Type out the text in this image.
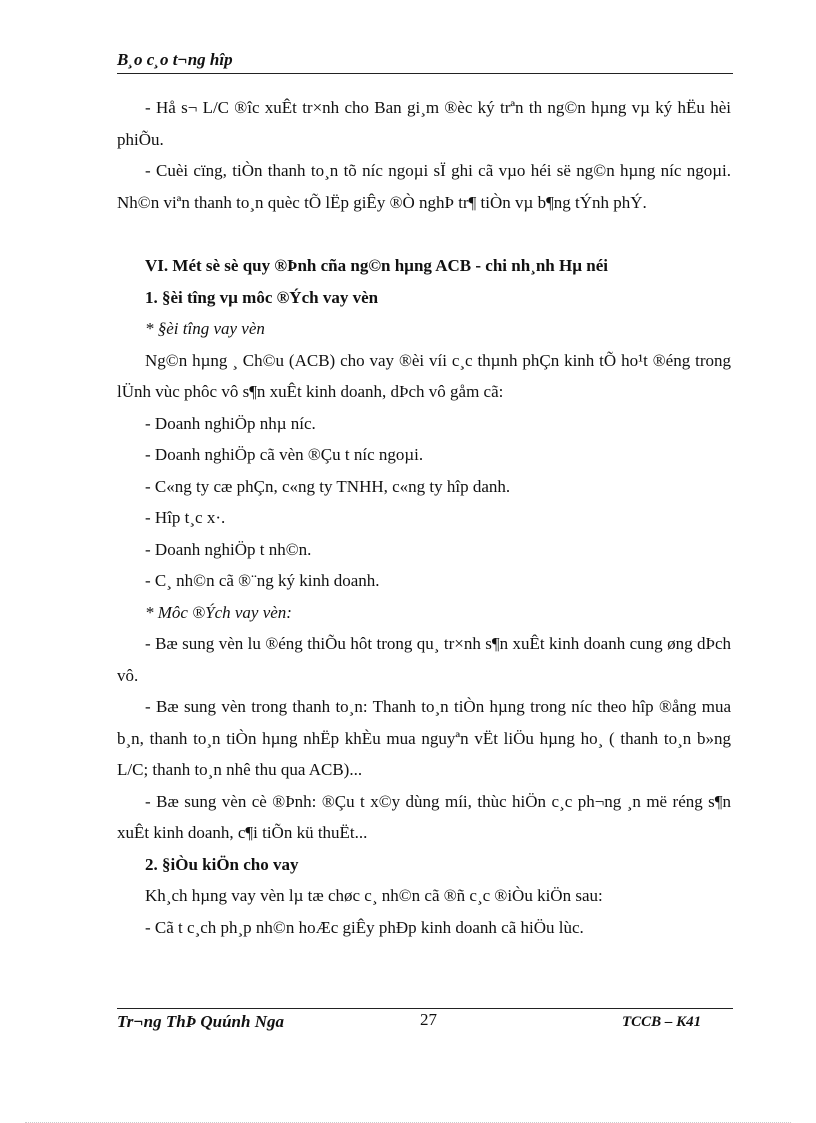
B¸o c¸o t¬ng hîp

- Hå s¬ L/C ®îc xuÊt tr×nh cho Ban gi¸m ®èc ký trªn th ng©n hµng vµ ký hËu hèi phiÕu.

- Cuèi cïng, tiÒn thanh to¸n tõ níc ngoµi sÏ ghi cã vµo héi së ng©n hµng níc ngoµi. Nh©n viªn thanh to¸n quèc tÕ lËp giÊy ®Ò nghÞ tr¶ tiÒn vµ b¶ng tÝnh phÝ.

VI. Mét sè sè quy ®Þnh cña ng©n hµng ACB - chi nh¸nh Hµ néi

1. §èi tîng vµ môc ®Ých vay vèn

* §èi tîng vay vèn

Ng©n hµng ¸ Ch©u (ACB) cho vay ®èi víi c¸c thµnh phÇn kinh tÕ ho¹t ®éng trong lÜnh vùc phôc vô s¶n xuÊt kinh doanh, dÞch vô gåm cã:

- Doanh nghiÖp nhµ níc.

- Doanh nghiÖp cã vèn ®Çu t níc ngoµi.

- C«ng ty cæ phÇn, c«ng ty TNHH, c«ng ty hîp danh.

- Hîp t¸c x·.

- Doanh nghiÖp t nh©n.

- C¸ nh©n cã ®¨ng ký kinh doanh.

* Môc ®Ých vay vèn:

- Bæ sung vèn lu ®éng thiÕu hôt trong qu¸ tr×nh s¶n xuÊt kinh doanh cung øng dÞch vô.

- Bæ sung vèn trong thanh to¸n: Thanh to¸n tiÒn hµng trong níc theo hîp ®ång mua b¸n, thanh to¸n tiÒn hµng nhËp khÈu mua nguyªn vËt liÖu hµng ho¸ ( thanh to¸n b»ng L/C; thanh to¸n nhê thu qua ACB)...

- Bæ sung vèn cè ®Þnh: ®Çu t x©y dùng míi, thùc hiÖn c¸c ph¬ng ¸n më réng s¶n xuÊt kinh doanh, c¶i tiÕn kü thuËt...

2. §iÒu kiÖn cho vay

Kh¸ch hµng vay vèn lµ tæ chøc c¸ nh©n cã ®ñ c¸c ®iÒu kiÖn sau:

- Cã t c¸ch ph¸p nh©n hoÆc giÊy phÐp kinh doanh cã hiÖu lùc.

Tr¬ng ThÞ Quúnh Nga	27	TCCB – K41
